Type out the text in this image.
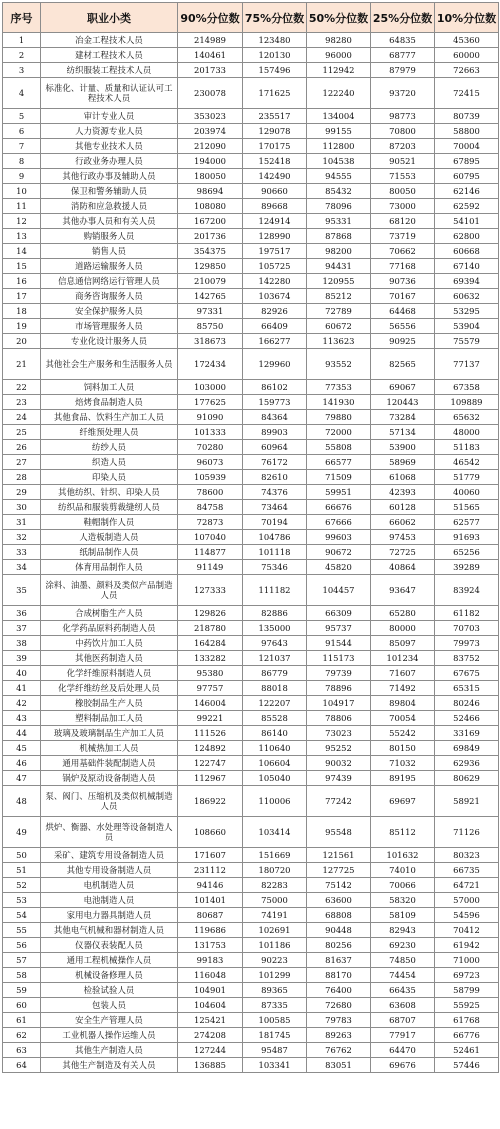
序号	职业小类	90%分位数	75%分位数	50%分位数	25%分位数	10%分位数
1	冶金工程技术人员	214989	123480	98280	64835	45360
2	建材工程技术人员	140461	120130	96000	68777	60000
3	纺织服装工程技术人员	201733	157496	112942	87979	72663
4	标准化、计量、质量和认证认可工程技术人员	230078	171625	122240	93720	72415
5	审计专业人员	353023	235517	134004	98773	80739
6	人力资源专业人员	203974	129078	99155	70800	58800
7	其他专业技术人员	212090	170175	112800	87203	70004
8	行政业务办理人员	194000	152418	104538	90521	67895
9	其他行政办事及辅助人员	180050	142490	94555	71553	60795
10	保卫和警务辅助人员	98694	90660	85432	80050	62146
11	消防和应急救援人员	108080	89668	78096	73000	62592
12	其他办事人员和有关人员	167200	124914	95331	68120	54101
13	购销服务人员	201736	128990	87868	73719	62800
14	销售人员	354375	197517	98200	70662	60668
15	道路运输服务人员	129850	105725	94431	77168	67140
16	信息通信网络运行管理人员	210079	142280	120955	90736	69394
17	商务咨询服务人员	142765	103674	85212	70167	60632
18	安全保护服务人员	97331	82926	72789	64468	53295
19	市场管理服务人员	85750	66409	60672	56556	53904
20	专业化设计服务人员	318673	166277	113623	90925	75579
21	其他社会生产服务和生活服务人员	172434	129960	93552	82565	77137
22	饲料加工人员	103000	86102	77353	69067	67358
23	焙烤食品制造人员	177625	159773	141930	120443	109889
24	其他食品、饮料生产加工人员	91090	84364	79880	73284	65632
25	纤维预处理人员	101333	89903	72000	57134	48000
26	纺纱人员	70280	60964	55808	53900	51183
27	织造人员	96073	76172	66577	58969	46542
28	印染人员	105939	82610	71509	61068	51779
29	其他纺织、针织、印染人员	78600	74376	59951	42393	40060
30	纺织品和服装剪裁缝纫人员	84758	73464	66676	60128	51565
31	鞋帽制作人员	72873	70194	67666	66062	62577
32	人造板制造人员	107040	104786	99603	97453	91693
33	纸制品制作人员	114877	101118	90672	72725	65256
34	体育用品制作人员	91149	75346	45820	40864	39289
35	涂料、油墨、颜料及类似产品制造人员	127333	111182	104457	93647	83924
36	合成树脂生产人员	129826	82886	66309	65280	61182
37	化学药品原料药制造人员	218780	135000	95737	80000	70703
38	中药饮片加工人员	164284	97643	91544	85097	79973
39	其他医药制造人员	133282	121037	115173	101234	83752
40	化学纤维原料制造人员	95380	86779	79739	71607	67675
41	化学纤维纺丝及后处理人员	97757	88018	78896	71492	65315
42	橡胶制品生产人员	146004	122207	104917	89804	80246
43	塑料制品加工人员	99221	85528	78806	70054	52466
44	玻璃及玻璃制品生产加工人员	111526	86140	73023	55242	33169
45	机械热加工人员	124892	110640	95252	80150	69849
46	通用基础件装配制造人员	122747	106604	90032	71032	62936
47	锅炉及原动设备制造人员	112967	105040	97439	89195	80629
48	泵、阀门、压缩机及类似机械制造人员	186922	110006	77242	69697	58921
49	烘炉、衡器、水处理等设备制造人员	108660	103414	95548	85112	71126
50	采矿、建筑专用设备制造人员	171607	151669	121561	101632	80323
51	其他专用设备制造人员	231112	180720	127725	74010	66735
52	电机制造人员	94146	82283	75142	70066	64721
53	电池制造人员	101401	75000	63600	58320	57000
54	家用电力器具制造人员	80687	74191	68808	58109	54596
55	其他电气机械和器材制造人员	119686	102691	90448	82943	70412
56	仪器仪表装配人员	131753	101186	80256	69230	61942
57	通用工程机械操作人员	99183	90223	81637	74850	71000
58	机械设备修理人员	116048	101299	88170	74454	69723
59	检验试验人员	104901	89365	76400	66435	58799
60	包装人员	104604	87335	72680	63608	55925
61	安全生产管理人员	125421	100585	79783	68707	61768
62	工业机器人操作运维人员	274208	181745	89263	77917	66776
63	其他生产制造人员	127244	95487	76762	64470	52461
64	其他生产制造及有关人员	136885	103341	83051	69676	57446
